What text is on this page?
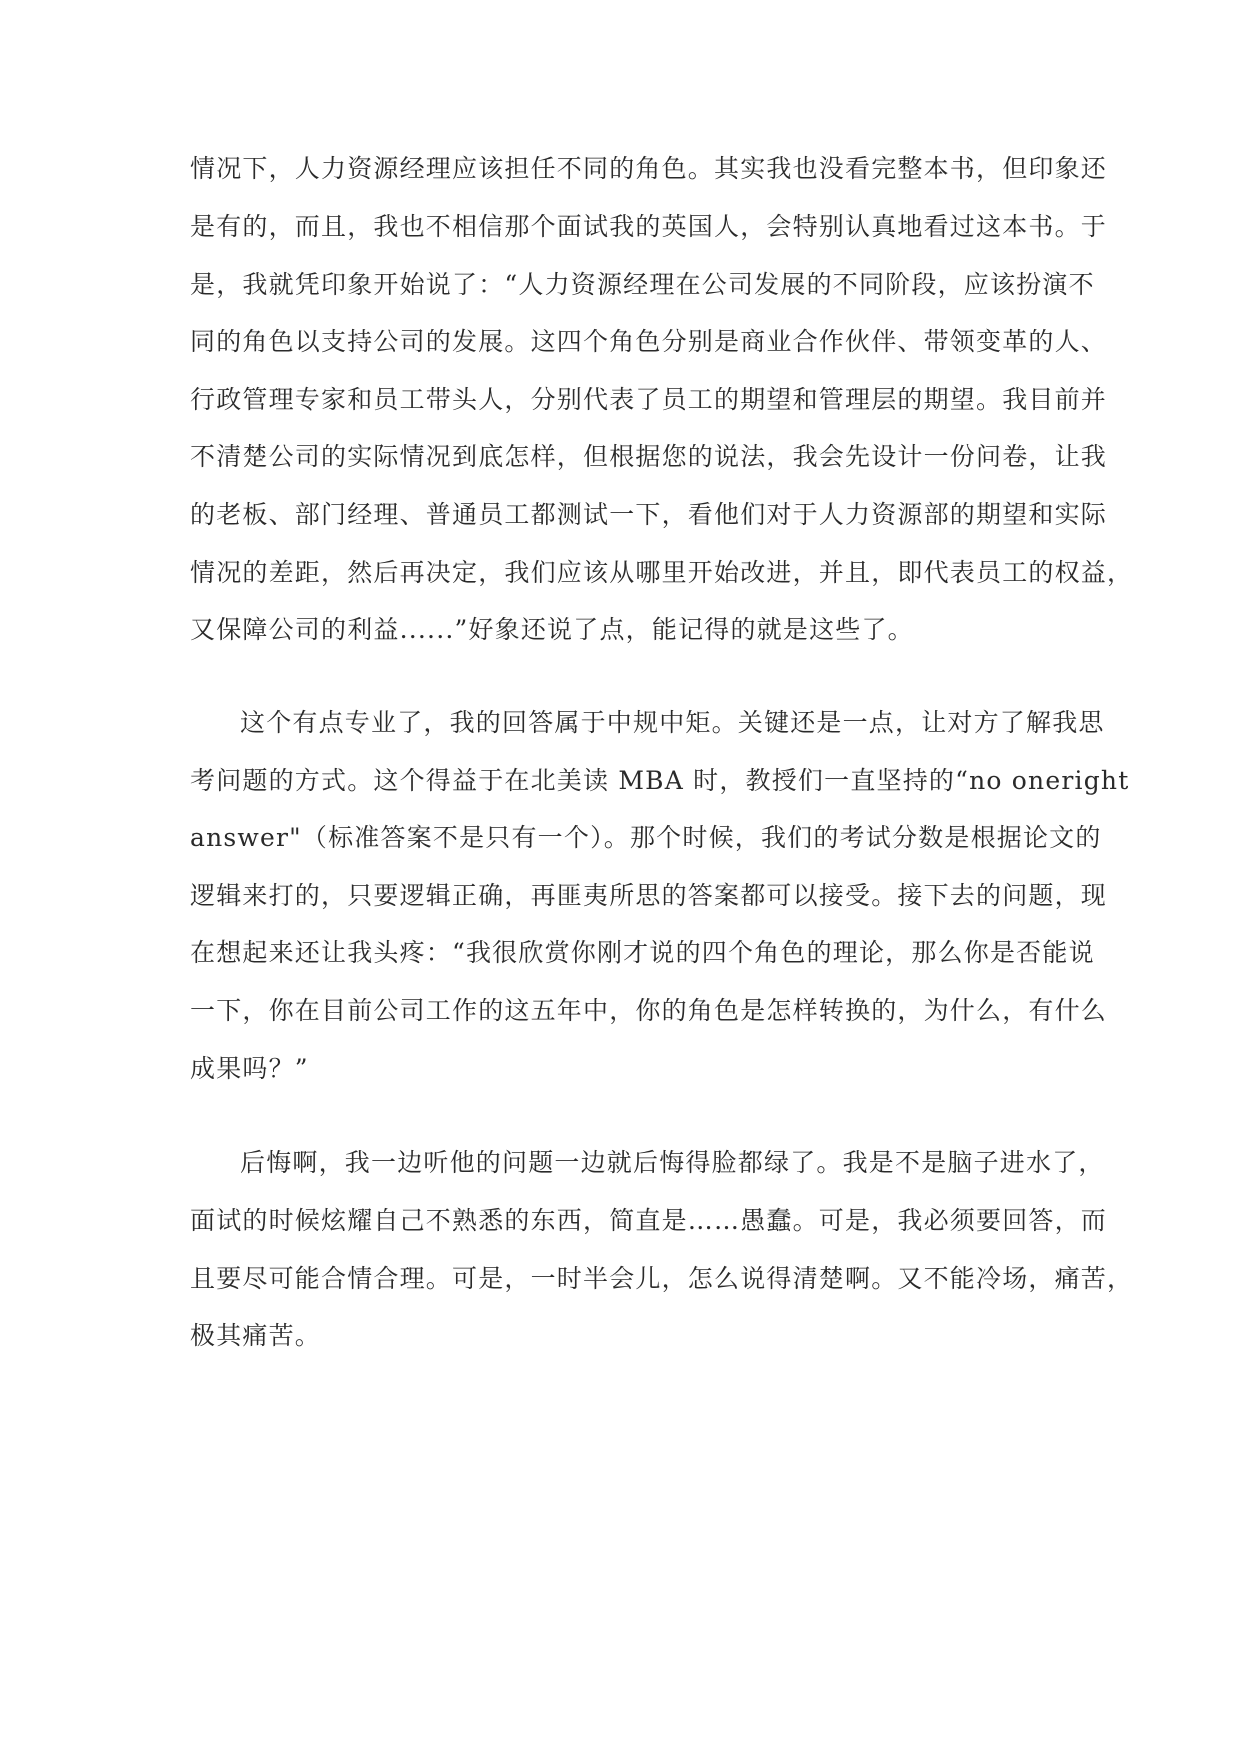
情况下，人力资源经理应该担任不同的角色。其实我也没看完整本书，但印象还
是有的，而且，我也不相信那个面试我的英国人，会特别认真地看过这本书。于
是，我就凭印象开始说了：“人力资源经理在公司发展的不同阶段，应该扮演不
同的角色以支持公司的发展。这四个角色分别是商业合作伙伴、带领变革的人、
行政管理专家和员工带头人，分别代表了员工的期望和管理层的期望。我目前并
不清楚公司的实际情况到底怎样，但根据您的说法，我会先设计一份问卷，让我
的老板、部门经理、普通员工都测试一下，看他们对于人力资源部的期望和实际
情况的差距，然后再决定，我们应该从哪里开始改进，并且，即代表员工的权益，
又保障公司的利益......”好象还说了点，能记得的就是这些了。
这个有点专业了，我的回答属于中规中矩。关键还是一点，让对方了解我思
考问题的方式。这个得益于在北美读 MBA 时，教授们一直坚持的“no oneright
answer"（标准答案不是只有一个）。那个时候，我们的考试分数是根据论文的
逻辑来打的，只要逻辑正确，再匪夷所思的答案都可以接受。接下去的问题，现
在想起来还让我头疼：“我很欣赏你刚才说的四个角色的理论，那么你是否能说
一下，你在目前公司工作的这五年中，你的角色是怎样转换的，为什么，有什么
成果吗？”
后悔啊，我一边听他的问题一边就后悔得脸都绿了。我是不是脑子进水了，
面试的时候炫耀自己不熟悉的东西，简直是……愚蠢。可是，我必须要回答，而
且要尽可能合情合理。可是，一时半会儿，怎么说得清楚啊。又不能冷场，痛苦，
极其痛苦。
